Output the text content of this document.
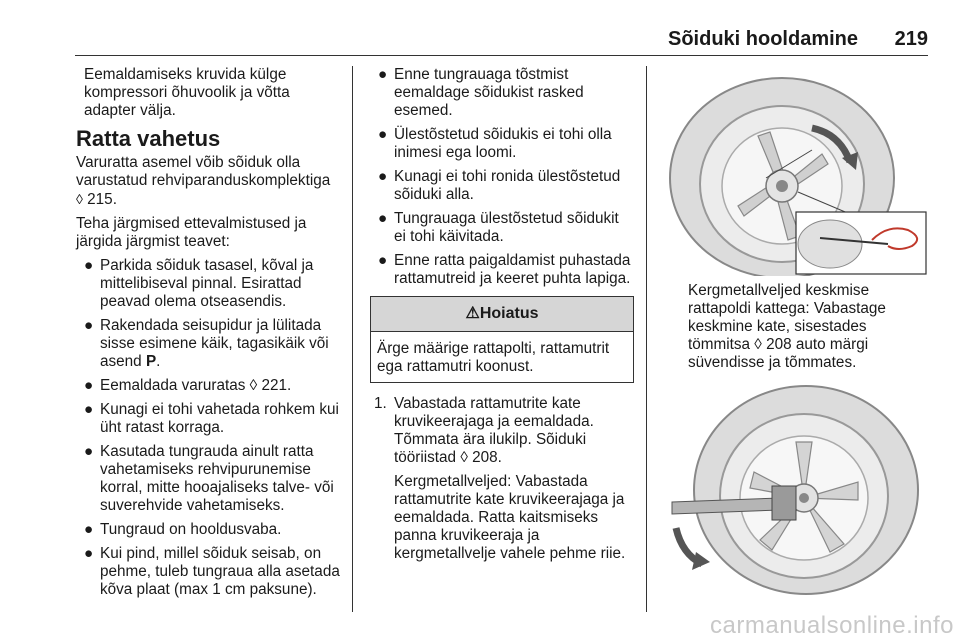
Sõiduki hooldamine 219

Eemaldamiseks kruvida külge kompressori õhuvoolik ja võtta adapter välja.

Ratta vahetus

Varuratta asemel võib sõiduk olla varustatud rehviparanduskomplektiga ◊ 215.

Teha järgmised ettevalmistused ja järgida järgmist teavet:

● Parkida sõiduk tasasel, kõval ja mittelibiseval pinnal. Esirattad peavad olema otseasendis.
● Rakendada seisupidur ja lülitada sisse esimene käik, tagasikäik või asend P.
● Eemaldada varuratas ◊ 221.
● Kunagi ei tohi vahetada rohkem kui üht ratast korraga.
● Kasutada tungrauda ainult ratta vahetamiseks rehvipurunemise korral, mitte hooajaliseks talve- või suverehvide vahetamiseks.
● Tungraud on hooldusvaba.
● Kui pind, millel sõiduk seisab, on pehme, tuleb tungraua alla asetada kõva plaat (max 1 cm paksune).
● Enne tungrauaga tõstmist eemaldage sõidukist rasked esemed.
● Ülestõstetud sõidukis ei tohi olla inimesi ega loomi.
● Kunagi ei tohi ronida ülestõstetud sõiduki alla.
● Tungrauaga ülestõstetud sõidukit ei tohi käivitada.
● Enne ratta paigaldamist puhastada rattamutreid ja keeret puhta lapiga.
⚠Hoiatus
Ärge määrige rattapolti, rattamutrit ega rattamutri koonust.
1. Vabastada rattamutrite kate kruvikeerajaga ja eemaldada. Tõmmata ära ilukilp. Sõiduki tööriistad ◊ 208.

Kergmetallveljed: Vabastada rattamutrite kate kruvikeerajaga ja eemaldada. Ratta kaitsmiseks panna kruvikeeraja ja kergmetallvelje vahele pehme riie.

Kergmetallveljed keskmise rattapoldi kattega: Vabastage keskmine kate, sisestades tömmitsa ◊ 208 auto märgi süvendisse ja tõmmates.
carmanualsonline.info
